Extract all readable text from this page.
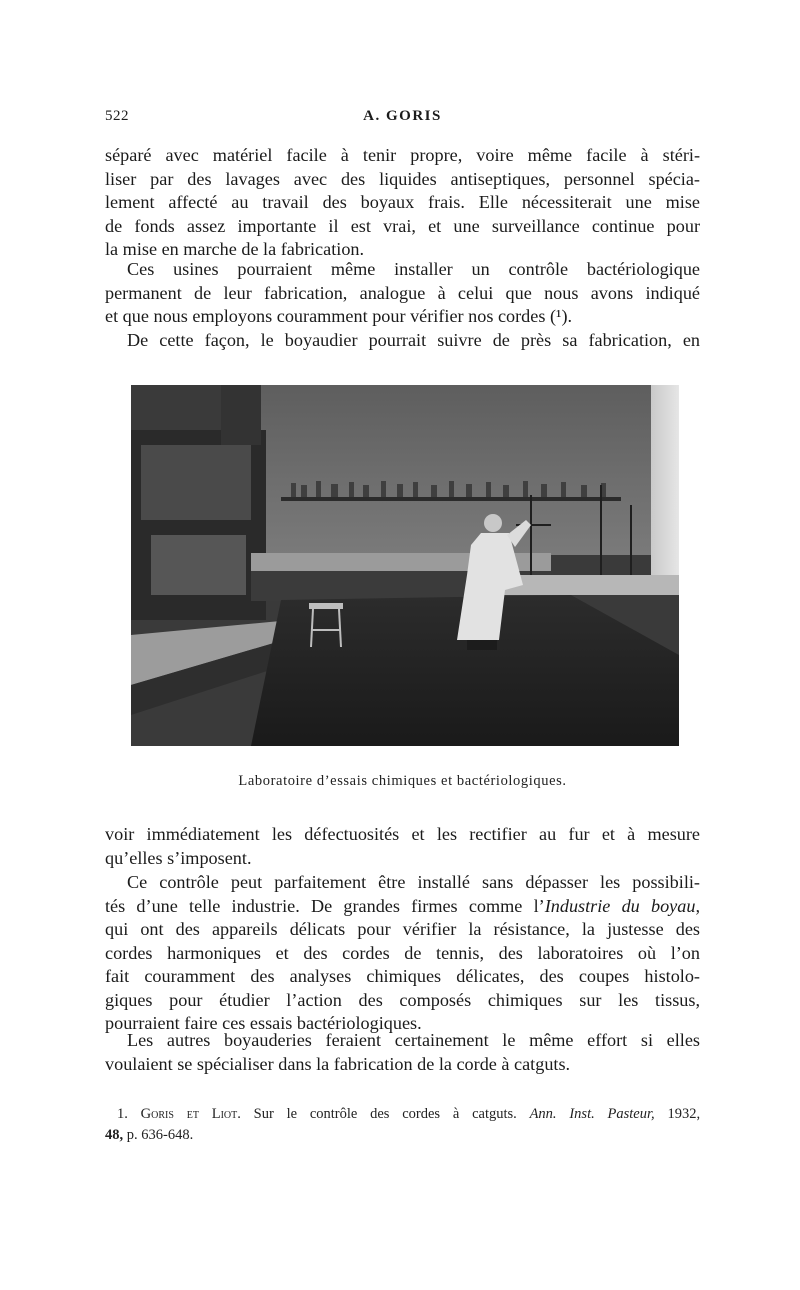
522	A. GORIS

séparé avec matériel facile à tenir propre, voire même facile à stéri-
liser par des lavages avec des liquides antiseptiques, personnel spécia-
lement affecté au travail des boyaux frais. Elle nécessiterait une mise
de fonds assez importante il est vrai, et une surveillance continue pour
la mise en marche de la fabrication.

Ces usines pourraient même installer un contrôle bactériologique
permanent de leur fabrication, analogue à celui que nous avons indiqué
et que nous employons couramment pour vérifier nos cordes (¹).

De cette façon, le boyaudier pourrait suivre de près sa fabrication, en

Laboratoire d’essais chimiques et bactériologiques.

voir immédiatement les défectuosités et les rectifier au fur et à mesure
qu’elles s’imposent.

Ce contrôle peut parfaitement être installé sans dépasser les possibili-
tés d’une telle industrie. De grandes firmes comme l’Industrie du boyau,
qui ont des appareils délicats pour vérifier la résistance, la justesse des
cordes harmoniques et des cordes de tennis, des laboratoires où l’on
fait couramment des analyses chimiques délicates, des coupes histolo-
giques pour étudier l’action des composés chimiques sur les tissus,
pourraient faire ces essais bactériologiques.

Les autres boyauderies feraient certainement le même effort si elles
voulaient se spécialiser dans la fabrication de la corde à catguts.

1. Goris et Liot. Sur le contrôle des cordes à catguts. Ann. Inst. Pasteur, 1932,
48, p. 636-648.
